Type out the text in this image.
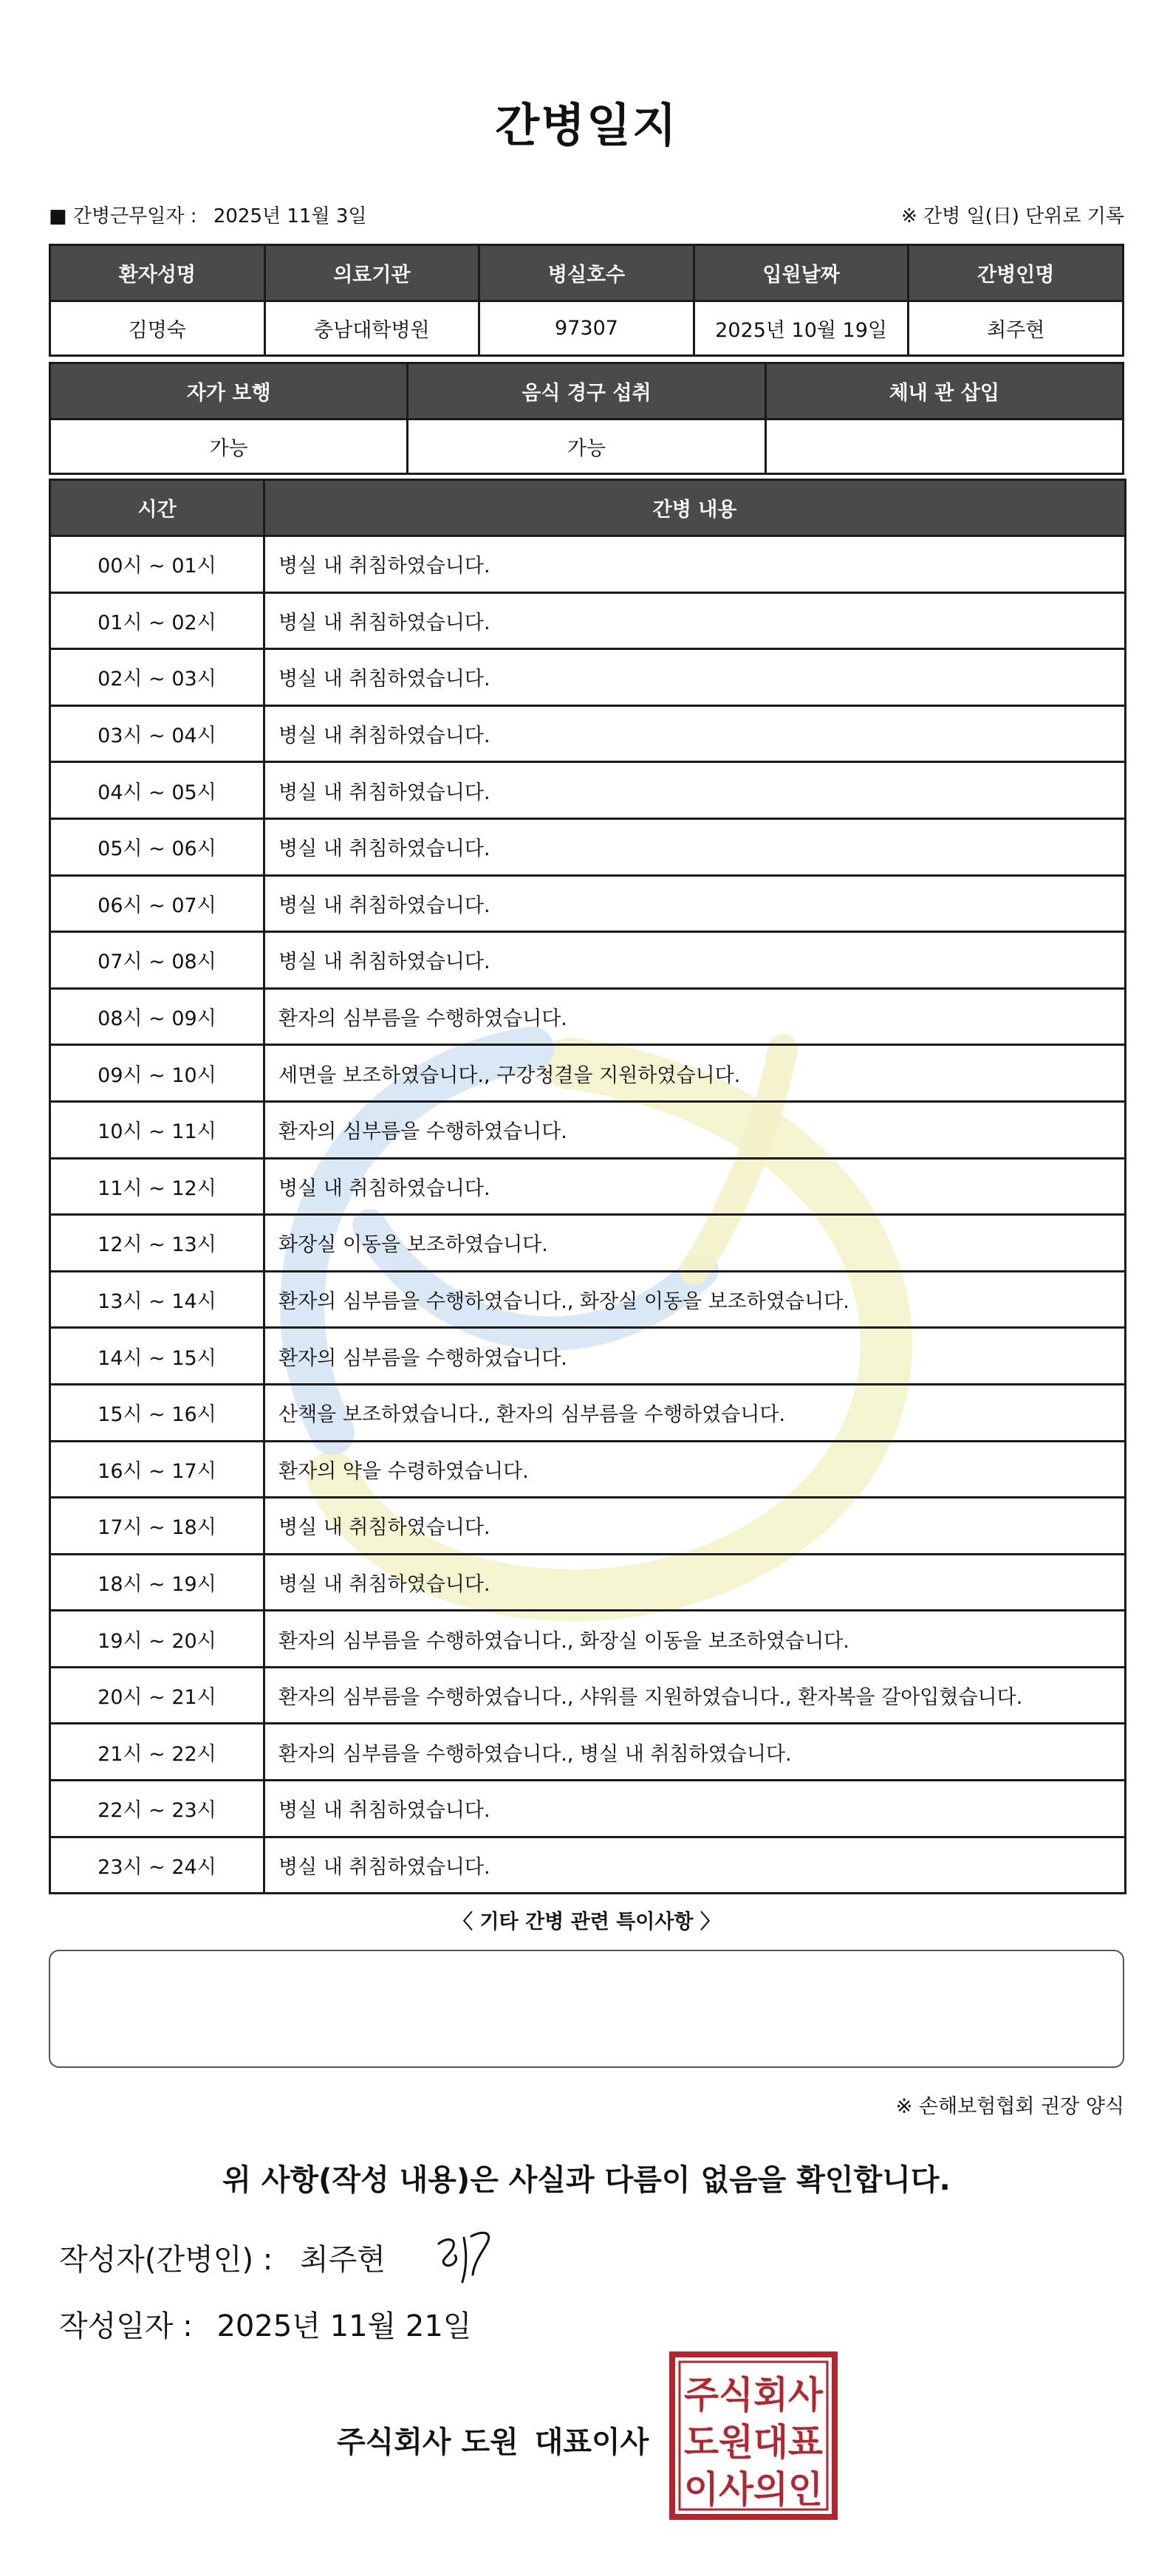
간병일지
■ 간병근무일자 : 2025년 11월 3일	※ 간병 일(日) 단위로 기록
환자성명	의료기관	병실호수	입원날짜	간병인명
김명숙	충남대학병원	97307	2025년 10월 19일	최주현
자가 보행	음식 경구 섭취	체내 관 삽입
가능	가능	
시간	간병 내용
00시 ~ 01시	병실 내 취침하였습니다.
01시 ~ 02시	병실 내 취침하였습니다.
02시 ~ 03시	병실 내 취침하였습니다.
03시 ~ 04시	병실 내 취침하였습니다.
04시 ~ 05시	병실 내 취침하였습니다.
05시 ~ 06시	병실 내 취침하였습니다.
06시 ~ 07시	병실 내 취침하였습니다.
07시 ~ 08시	병실 내 취침하였습니다.
08시 ~ 09시	환자의 심부름을 수행하였습니다.
09시 ~ 10시	세면을 보조하였습니다., 구강청결을 지원하였습니다.
10시 ~ 11시	환자의 심부름을 수행하였습니다.
11시 ~ 12시	병실 내 취침하였습니다.
12시 ~ 13시	화장실 이동을 보조하였습니다.
13시 ~ 14시	환자의 심부름을 수행하였습니다., 화장실 이동을 보조하였습니다.
14시 ~ 15시	환자의 심부름을 수행하였습니다.
15시 ~ 16시	산책을 보조하였습니다., 환자의 심부름을 수행하였습니다.
16시 ~ 17시	환자의 약을 수령하였습니다.
17시 ~ 18시	병실 내 취침하였습니다.
18시 ~ 19시	병실 내 취침하였습니다.
19시 ~ 20시	환자의 심부름을 수행하였습니다., 화장실 이동을 보조하였습니다.
20시 ~ 21시	환자의 심부름을 수행하였습니다., 샤워를 지원하였습니다., 환자복을 갈아입혔습니다.
21시 ~ 22시	환자의 심부름을 수행하였습니다., 병실 내 취침하였습니다.
22시 ~ 23시	병실 내 취침하였습니다.
23시 ~ 24시	병실 내 취침하였습니다.
〈 기타 간병 관련 특이사항 〉
※ 손해보험협회 권장 양식
위 사항(작성 내용)은 사실과 다름이 없음을 확인합니다.
작성자(간병인) : 최주현
작성일자 : 2025년 11월 21일
주식회사 도원 대표이사
주식회사
도원대표
이사의인
